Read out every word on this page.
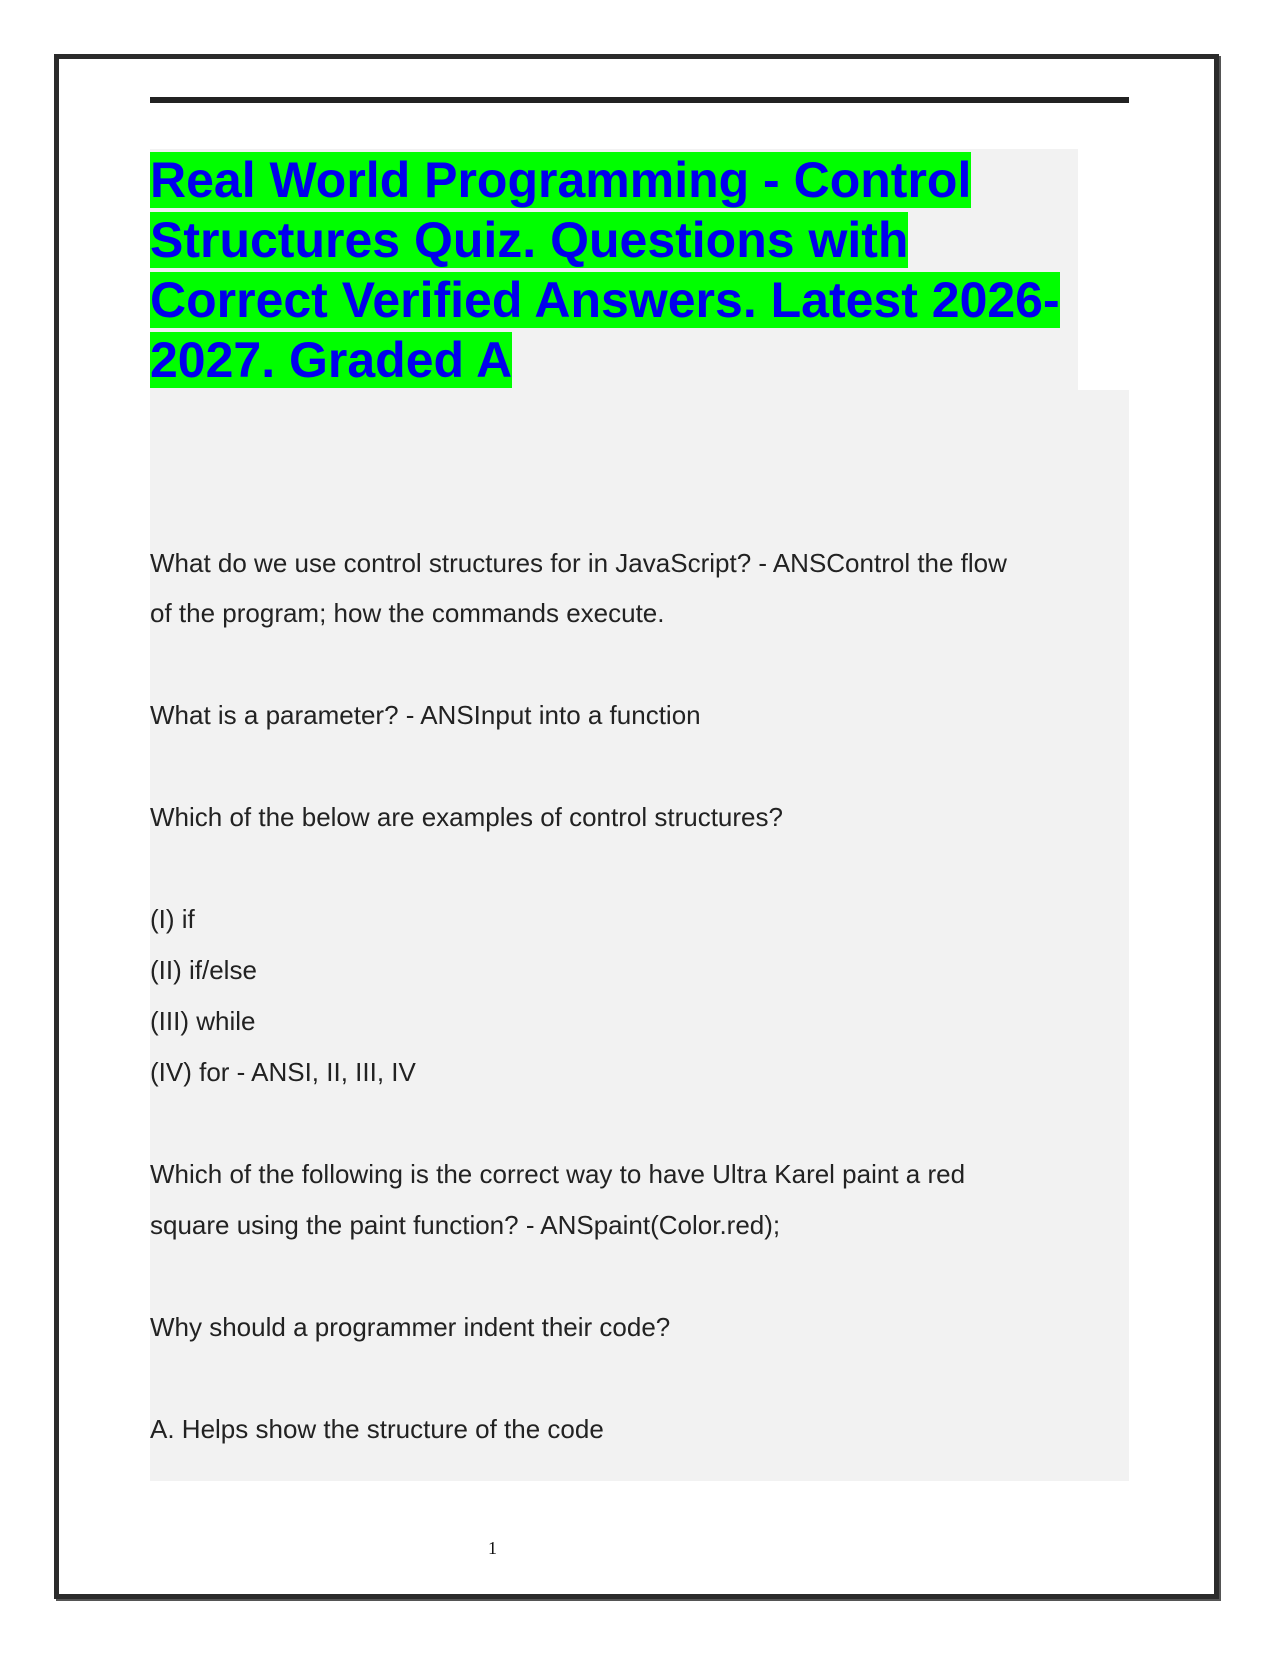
Real World Programming - Control Structures Quiz. Questions with Correct Verified Answers. Latest 2026-2027. Graded A

What do we use control structures for in JavaScript? - ANSControl the flow

of the program; how the commands execute.

What is a parameter? - ANSInput into a function

Which of the below are examples of control structures?

(I) if

(II) if/else

(III) while

(IV) for - ANSI, II, III, IV

Which of the following is the correct way to have Ultra Karel paint a red

square using the paint function? - ANSpaint(Color.red);

Why should a programmer indent their code?

A. Helps show the structure of the code

1
